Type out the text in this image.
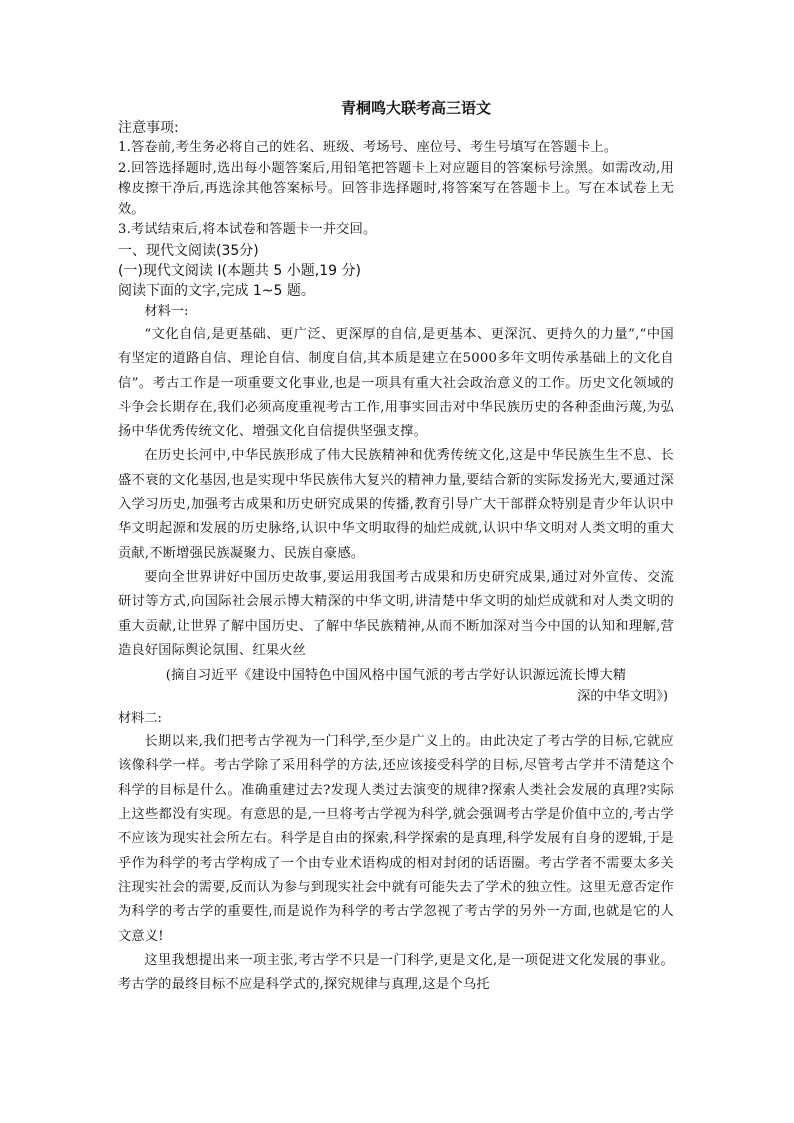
青桐鸣大联考高三语文

注意事项:

1.答卷前,考生务必将自己的姓名、班级、考场号、座位号、考生号填写在答题卡上。

2.回答选择题时,选出每小题答案后,用铅笔把答题卡上对应题目的答案标号涂黑。如需改动,用橡皮擦干净后,再选涂其他答案标号。回答非选择题时,将答案写在答题卡上。写在本试卷上无效。

3.考试结束后,将本试卷和答题卡一并交回。

一、现代文阅读(35分)

(一)现代文阅读 I(本题共 5 小题,19 分)

阅读下面的文字,完成 1~5 题。

材料一:

“文化自信,是更基础、更广泛、更深厚的自信,是更基本、更深沉、更持久的力量”,“中国有坚定的道路自信、理论自信、制度自信,其本质是建立在5000多年文明传承基础上的文化自信”。考古工作是一项重要文化事业,也是一项具有重大社会政治意义的工作。历史文化领域的斗争会长期存在,我们必须高度重视考古工作,用事实回击对中华民族历史的各种歪曲污蔑,为弘扬中华优秀传统文化、增强文化自信提供坚强支撑。

在历史长河中,中华民族形成了伟大民族精神和优秀传统文化,这是中华民族生生不息、长盛不衰的文化基因,也是实现中华民族伟大复兴的精神力量,要结合新的实际发扬光大,要通过深入学习历史,加强考古成果和历史研究成果的传播,教育引导广大干部群众特别是青少年认识中华文明起源和发展的历史脉络,认识中华文明取得的灿烂成就,认识中华文明对人类文明的重大贡献,不断增强民族凝聚力、民族自豪感。

要向全世界讲好中国历史故事,要运用我国考古成果和历史研究成果,通过对外宣传、交流研讨等方式,向国际社会展示博大精深的中华文明,讲清楚中华文明的灿烂成就和对人类文明的重大贡献,让世界了解中国历史、了解中华民族精神,从而不断加深对当今中国的认知和理解,营造良好国际舆论氛围、红果火丝

(摘自习近平《建设中国特色中国风格中国气派的考古学好认识源远流长博大精

深的中华文明》)

材料二:

长期以来,我们把考古学视为一门科学,至少是广义上的。由此决定了考古学的目标,它就应该像科学一样。考古学除了采用科学的方法,还应该接受科学的目标,尽管考古学并不清楚这个科学的目标是什么。准确重建过去?发现人类过去演变的规律?探索人类社会发展的真理?实际上这些都没有实现。有意思的是,一旦将考古学视为科学,就会强调考古学是价值中立的,考古学不应该为现实社会所左右。科学是自由的探索,科学探索的是真理,科学发展有自身的逻辑,于是乎作为科学的考古学构成了一个由专业术语构成的相对封闭的话语圈。考古学者不需要太多关注现实社会的需要,反而认为参与到现实社会中就有可能失去了学术的独立性。这里无意否定作为科学的考古学的重要性,而是说作为科学的考古学忽视了考古学的另外一方面,也就是它的人文意义!

这里我想提出来一项主张,考古学不只是一门科学,更是文化,是一项促进文化发展的事业。考古学的最终目标不应是科学式的,探究规律与真理,这是个乌托
